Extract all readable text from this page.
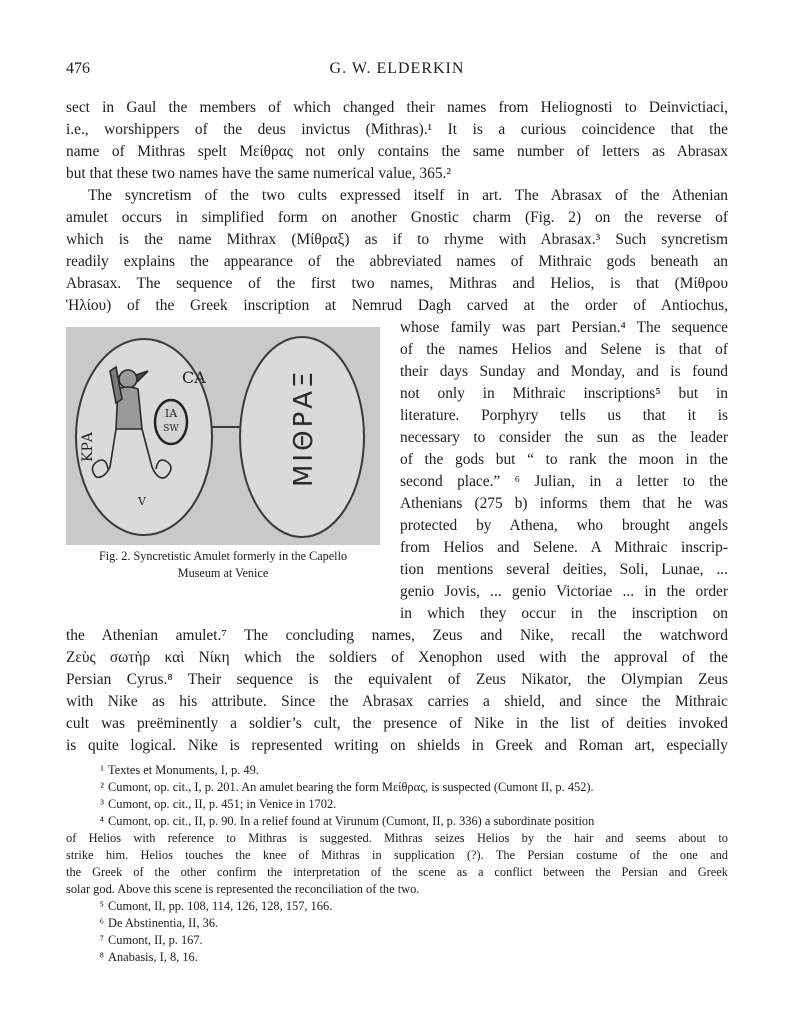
476	G. W. ELDERKIN
sect in Gaul the members of which changed their names from Heliognosti to Deinvictiaci,
i.e., worshippers of the deus invictus (Mithras).¹ It is a curious coincidence that the
name of Mithras spelt Μείθρας not only contains the same number of letters as Abrasax
but that these two names have the same numerical value, 365.²
The syncretism of the two cults expressed itself in art. The Abrasax of the Athenian
amulet occurs in simplified form on another Gnostic charm (Fig. 2) on the reverse of
which is the name Mithrax (Μίθραξ) as if to rhyme with Abrasax.³ Such syncretism
readily explains the appearance of the abbreviated names of Mithraic gods beneath an
Abrasax. The sequence of the first two names, Mithras and Helios, is that (Μίθρου
Ἡλίου) of the Greek inscription at Nemrud Dagh carved at the order of Antiochus,
whose family was part Persian.⁴ The sequence
of the names Helios and Selene is that of
their days Sunday and Monday, and is found
not only in Mithraic inscriptions⁵ but in
literature. Porphyry tells us that it is
necessary to consider the sun as the leader
of the gods but “ to rank the moon in the
second place.” ⁶ Julian, in a letter to the
Athenians (275 b) informs them that he was
protected by Athena, who brought angels
from Helios and Selene. A Mithraic inscrip-
tion mentions several deities, Soli, Lunae, ...
genio Jovis, ... genio Victoriae ... in the order
in which they occur in the inscription on
ΙΑ
SW
CA
ΚΡΑ
V
ΜΙΘΡΑΞ
Fig. 2. Syncretistic Amulet formerly in the Capello
Museum at Venice
the Athenian amulet.⁷ The concluding names, Zeus and Nike, recall the watchword
Ζεὺς σωτὴρ καὶ Νίκη which the soldiers of Xenophon used with the approval of the
Persian Cyrus.⁸ Their sequence is the equivalent of Zeus Nikator, the Olympian Zeus
with Nike as his attribute. Since the Abrasax carries a shield, and since the Mithraic
cult was preëminently a soldier’s cult, the presence of Nike in the list of deities invoked
is quite logical. Nike is represented writing on shields in Greek and Roman art, especially
¹ Textes et Monuments, I, p. 49.
² Cumont, op. cit., I, p. 201. An amulet bearing the form Μείθρας, is suspected (Cumont II, p. 452).
³ Cumont, op. cit., II, p. 451; in Venice in 1702.
⁴ Cumont, op. cit., II, p. 90. In a relief found at Virunum (Cumont, II, p. 336) a subordinate position
of Helios with reference to Mithras is suggested. Mithras seizes Helios by the hair and seems about to
strike him. Helios touches the knee of Mithras in supplication (?). The Persian costume of the one and
the Greek of the other confirm the interpretation of the scene as a conflict between the Persian and Greek
solar god. Above this scene is represented the reconciliation of the two.
⁵ Cumont, II, pp. 108, 114, 126, 128, 157, 166.
⁶ De Abstinentia, II, 36.
⁷ Cumont, II, p. 167.
⁸ Anabasis, I, 8, 16.
